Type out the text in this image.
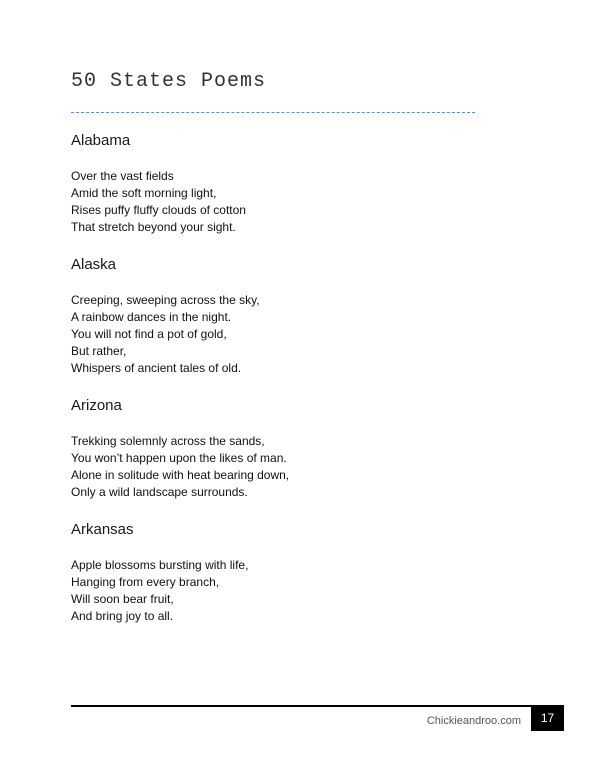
50 States Poems
Alabama

Over the vast fields

Amid the soft morning light,

Rises puffy fluffy clouds of cotton

That stretch beyond your sight.

Alaska

Creeping, sweeping across the sky,

A rainbow dances in the night.

You will not find a pot of gold,

But rather,

Whispers of ancient tales of old.

Arizona

Trekking solemnly across the sands,

You won’t happen upon the likes of man.

Alone in solitude with heat bearing down,

Only a wild landscape surrounds.

Arkansas

Apple blossoms bursting with life,

Hanging from every branch,

Will soon bear fruit,

And bring joy to all.

Chickieandroo.com	17
